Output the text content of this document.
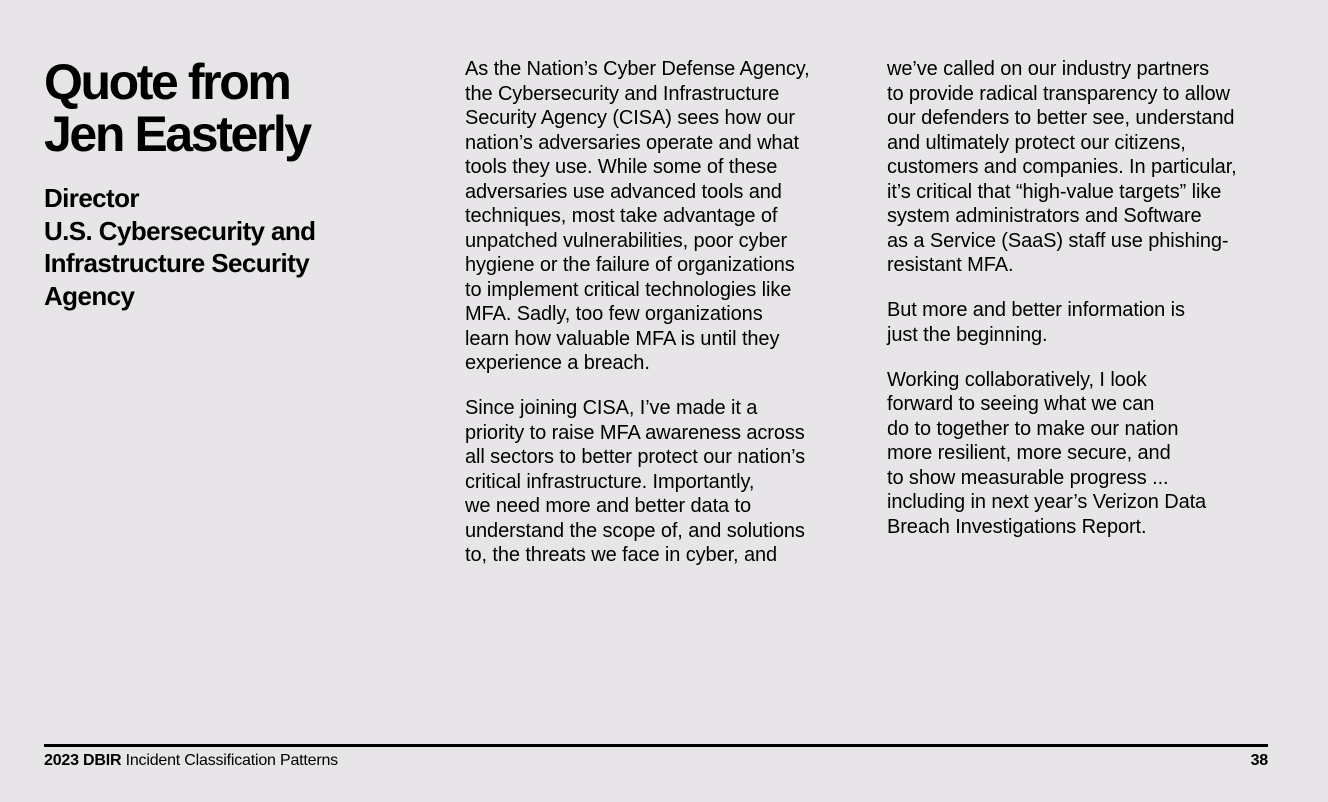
Quote from
Jen Easterly
Director
U.S. Cybersecurity and
Infrastructure Security
Agency

As the Nation’s Cyber Defense Agency,
the Cybersecurity and Infrastructure
Security Agency (CISA) sees how our
nation’s adversaries operate and what
tools they use. While some of these
adversaries use advanced tools and
techniques, most take advantage of
unpatched vulnerabilities, poor cyber
hygiene or the failure of organizations
to implement critical technologies like
MFA. Sadly, too few organizations
learn how valuable MFA is until they
experience a breach.

Since joining CISA, I’ve made it a
priority to raise MFA awareness across
all sectors to better protect our nation’s
critical infrastructure. Importantly,
we need more and better data to
understand the scope of, and solutions
to, the threats we face in cyber, and

we’ve called on our industry partners
to provide radical transparency to allow
our defenders to better see, understand
and ultimately protect our citizens,
customers and companies. In particular,
it’s critical that “high-value targets” like
system administrators and Software
as a Service (SaaS) staff use phishing-
resistant MFA.

But more and better information is
just the beginning.

Working collaboratively, I look
forward to seeing what we can
do to together to make our nation
more resilient, more secure, and
to show measurable progress ...
including in next year’s Verizon Data
Breach Investigations Report.

2023 DBIR Incident Classification Patterns	38
